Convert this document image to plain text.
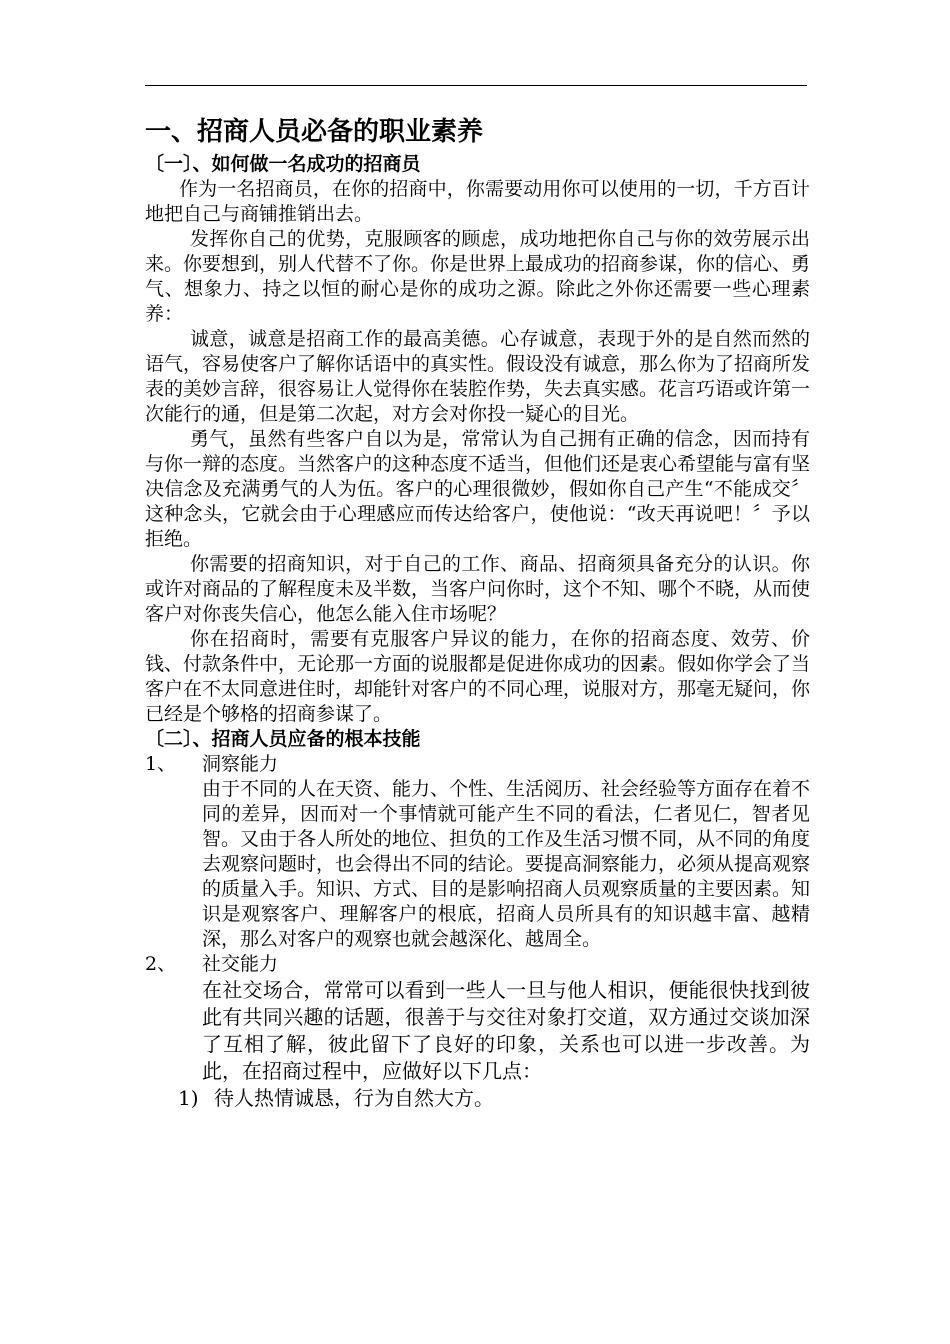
一、招商人员必备的职业素养
〔一〕、如何做一名成功的招商员

作为一名招商员，在你的招商中，你需要动用你可以使用的一切，千方百计地把自己与商铺推销出去。

发挥你自己的优势，克服顾客的顾虑，成功地把你自己与你的效劳展示出来。你要想到，别人代替不了你。你是世界上最成功的招商参谋，你的信心、勇气、想象力、持之以恒的耐心是你的成功之源。除此之外你还需要一些心理素养：

诚意，诚意是招商工作的最高美德。心存诚意，表现于外的是自然而然的语气，容易使客户了解你话语中的真实性。假设没有诚意，那么你为了招商所发表的美妙言辞，很容易让人觉得你在装腔作势，失去真实感。花言巧语或许第一次能行的通，但是第二次起，对方会对你投一疑心的目光。

勇气，虽然有些客户自以为是，常常认为自己拥有正确的信念，因而持有与你一辩的态度。当然客户的这种态度不适当，但他们还是衷心希望能与富有坚决信念及充满勇气的人为伍。客户的心理很微妙，假如你自己产生“不能成交〞这种念头，它就会由于心理感应而传达给客户，使他说：“改天再说吧！〞予以拒绝。

你需要的招商知识，对于自己的工作、商品、招商须具备充分的认识。你或许对商品的了解程度未及半数，当客户问你时，这个不知、哪个不晓，从而使客户对你丧失信心，他怎么能入住市场呢？

你在招商时，需要有克服客户异议的能力，在你的招商态度、效劳、价钱、付款条件中，无论那一方面的说服都是促进你成功的因素。假如你学会了当客户在不太同意进住时，却能针对客户的不同心理，说服对方，那毫无疑问，你已经是个够格的招商参谋了。

〔二〕、招商人员应备的根本技能
1、	洞察能力

由于不同的人在天资、能力、个性、生活阅历、社会经验等方面存在着不同的差异，因而对一个事情就可能产生不同的看法，仁者见仁，智者见智。又由于各人所处的地位、担负的工作及生活习惯不同，从不同的角度去观察问题时，也会得出不同的结论。要提高洞察能力，必须从提高观察的质量入手。知识、方式、目的是影响招商人员观察质量的主要因素。知识是观察客户、理解客户的根底，招商人员所具有的知识越丰富、越精深，那么对客户的观察也就会越深化、越周全。

2、	社交能力

在社交场合，常常可以看到一些人一旦与他人相识，便能很快找到彼此有共同兴趣的话题，很善于与交往对象打交道，双方通过交谈加深了互相了解，彼此留下了良好的印象，关系也可以进一步改善。为此，在招商过程中，应做好以下几点：

1) 待人热情诚恳，行为自然大方。
